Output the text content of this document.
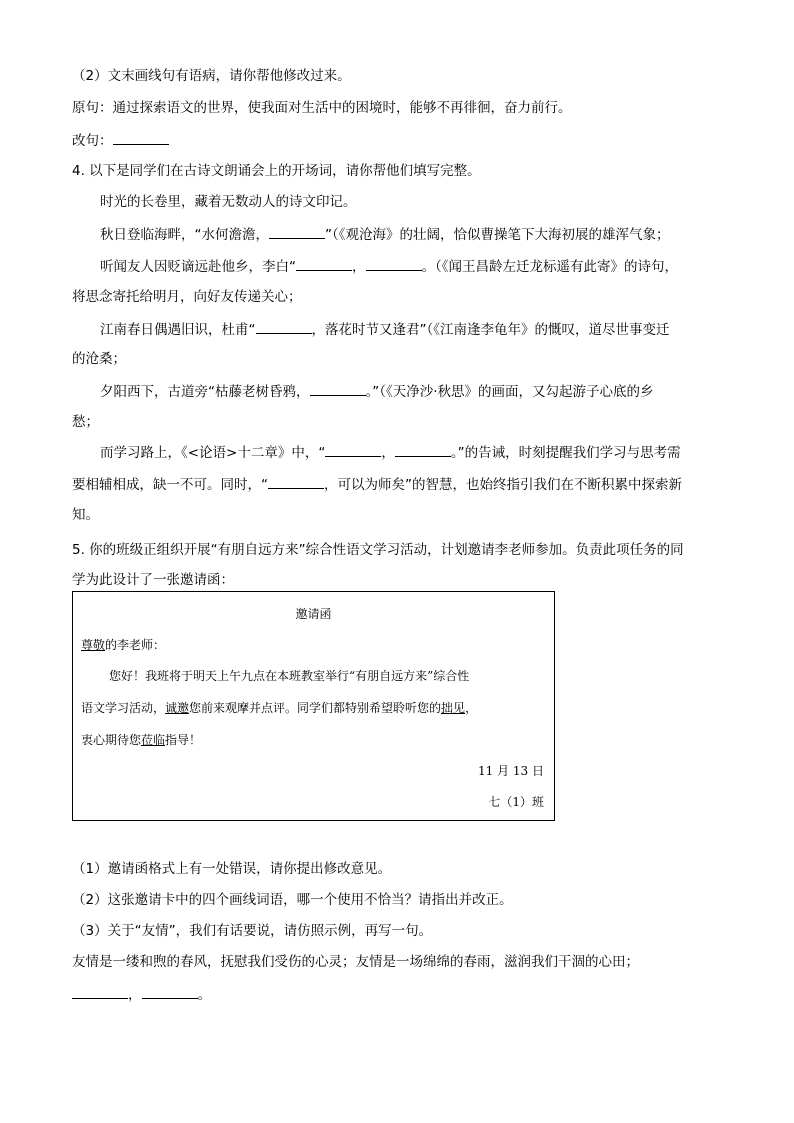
（2）文末画线句有语病，请你帮他修改过来。
原句：通过探索语文的世界，使我面对生活中的困境时，能够不再徘徊，奋力前行。
改句：
4. 以下是同学们在古诗文朗诵会上的开场词，请你帮他们填写完整。
时光的长卷里，藏着无数动人的诗文印记。
秋日登临海畔，“水何澹澹，	”（《观沧海》的壮阔，恰似曹操笔下大海初展的雄浑气象；
听闻友人因贬谪远赴他乡，李白“	，	。（《闻王昌龄左迁龙标遥有此寄》的诗句，
将思念寄托给明月，向好友传递关心；
江南春日偶遇旧识，杜甫“	，落花时节又逢君”（《江南逢李龟年》的慨叹，道尽世事变迁
的沧桑；
夕阳西下，古道旁“枯藤老树昏鸦，	。”（《天净沙·秋思》的画面，又勾起游子心底的乡
愁；
而学习路上，《<论语>十二章》中，“	，	。”的告诫，时刻提醒我们学习与思考需
要相辅相成，缺一不可。同时，“	，可以为师矣”的智慧，也始终指引我们在不断积累中探索新
知。
5. 你的班级正组织开展“有朋自远方来”综合性语文学习活动，计划邀请李老师参加。负责此项任务的同
学为此设计了一张邀请函：
邀请函
尊敬的李老师：
您好！我班将于明天上午九点在本班教室举行“有朋自远方来”综合性
语文学习活动，诚邀您前来观摩并点评。同学们都特别希望聆听您的拙见，
衷心期待您莅临指导！
11 月 13 日
七（1）班
（1）邀请函格式上有一处错误，请你提出修改意见。
（2）这张邀请卡中的四个画线词语，哪一个使用不恰当？请指出并改正。
（3）关于“友情”，我们有话要说，请仿照示例，再写一句。
友情是一缕和煦的春风，抚慰我们受伤的心灵；友情是一场绵绵的春雨，滋润我们干涸的心田；
，	。
